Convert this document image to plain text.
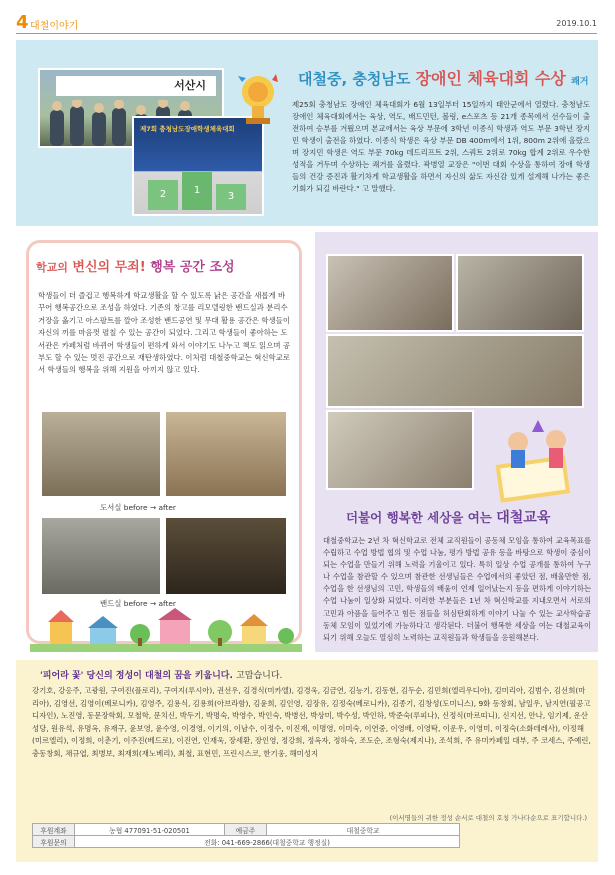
4 대철이야기	2019.10.1
서산시
제7회 충청남도장애학생체육대회
2	1
3
대철중, 충청남도 장애인 체육대회 수상 쾌거
제25회 충청남도 장애인 체육대회가 6월 13일부터 15일까지 태안군에서 열렸다. 충청남도 장애인 체육대회에서는 육상, 역도, 배드민턴, 볼링, e스포츠 등 21개 종목에서 선수들이 출전하여 승부를 겨뤘으며 본교에서는 육상 부문에 3학년 이종식 학생과 역도 부문 3학년 장지민 학생이 출전을 하였다. 이종식 학생은 육상 부문 DB 400m에서 1위, 800m 2위에 올랐으며 장지민 학생은 역도 부문 70kg 데드리프트 2위, 스쿼트 2위로 70kg 합계 2위로 우수한 성적을 거두며 수상하는 쾌거를 올렸다. 곽병열 교장은 "이번 대회 수상을 통하여 장애 학생들의 건강 증진과 활기차게 학교생활을 하면서 자신의 삶도 자신감 있게 설계해 나가는 좋은 기회가 되길 바란다." 고 말했다.
학교의 변신의 무죄! 행복 공간 조성
학생들이 더 즐겁고 행복하게 학교생활을 할 수 있도록 낡은 공간을 새롭게 바꾸어 행복공간으로 조성을 하였다. 기존의 창고를 리모델링한 밴드실과 분리수거장을 옮기고 아스팔트를 깔아 조성한 밴드공연 및 무대 활용 공간은 학생들이 자신의 끼를 마음껏 펼칠 수 있는 공간이 되었다. 그리고 학생들이 좋아하는 도서관은 카페처럼 바뀌어 학생들이 편하게 와서 이야기도 나누고 책도 읽으며 공부도 할 수 있는 멋진 공간으로 재탄생하였다. 이처럼 대철중학교는 혁신학교로서 학생들의 행복을 위해 지원을 아끼지 않고 있다.
도서실 before → after
밴드실 before → after
더불어 행복한 세상을 여는 대철교육
대철중학교는 2년 차 혁신학교로 전체 교직원들이 공동체 모임을 통하여 교육목표를 수립하고 수업 방법 협의 및 수업 나눔, 평가 방법 공유 등을 바탕으로 학생이 중심이 되는 수업을 만들기 위해 노력을 기울이고 있다. 특히 일상 수업 공개를 통하여 누구나 수업을 참관할 수 있으며 참관한 선생님들은 수업에서의 좋았던 점, 배울만한 점, 수업을 한 선생님의 고민, 학생들의 배움이 언제 일어났는지 등을 편하게 이야기하는 수업 나눔이 일상화 되었다. 이러한 부분들은 1년 차 혁신학교를 지내오면서 서로의 고민과 아픔을 들어주고 힘든 점들을 허심탄회하게 이야기 나눌 수 있는 교사학습공동체 모임이 있었기에 가능하다고 생각된다. 더불어 행복한 세상을 여는 대철교육이 되기 위해 오늘도 열심히 노력하는 교직원들과 학생들을 응원해본다.
'피어라 꽃' 당신의 정성이 대철의 꿈을 키웁니다. 고맙습니다.
강기호, 강옹주, 고광원, 구여진(플로리), 구여지(루시아), 권선우, 김경식(미카엘), 김경욱, 김금연, 김능기, 김동현, 김두순, 김민희(엘리우디아), 김미리아, 김범수, 김선희(마리아), 김영선, 김영이(베로니카), 김영주, 김용식, 김용희(아브라함), 김윤희, 김인영, 김장유, 김정숙(베로니카), 김종기, 김창성(도미니스), 9화 동창회, 남일우, 남지연(필공고디자인), 노진영, 동문장학회, 모철학, 문치신, 박두기, 박명숙, 박영수, 박인숙, 박병선, 박상미, 박수성, 박인하, 박준숙(루피나), 신정식(마르띠니), 신지선, 안나, 임기제, 운산성당, 원유석, 유명옥, 유재구, 윤보영, 윤수영, 이경영, 이기의, 이남수, 이정수, 이진재, 이명영, 이미숙, 이연중, 이영배, 이영탁, 이운우, 이영미, 이정숙(소화데레사), 이정해(미르엘리), 이정희, 이춘기, 이주진(베드로), 이진연, 인재욱, 장세환, 장인영, 정강희, 정옥자, 정하숙, 조도순, 조형숙(제지나), 조석희, 주 유미카페일 대부, 주 코세스, 주예린, 충동창회, 채규엽, 최병보, 최재희(재노베리), 최철, 표현민, 프린시스코, 한기웅, 해미성지
(이서명들의 귀한 정성 순서로 대철의 호칭 가나다순으로 표기합니다.)
후원계좌	농협 477091-51-020501	예금주	대철중학교
후원문의	전화: 041-669-2866(대철중학교 행정실)		
